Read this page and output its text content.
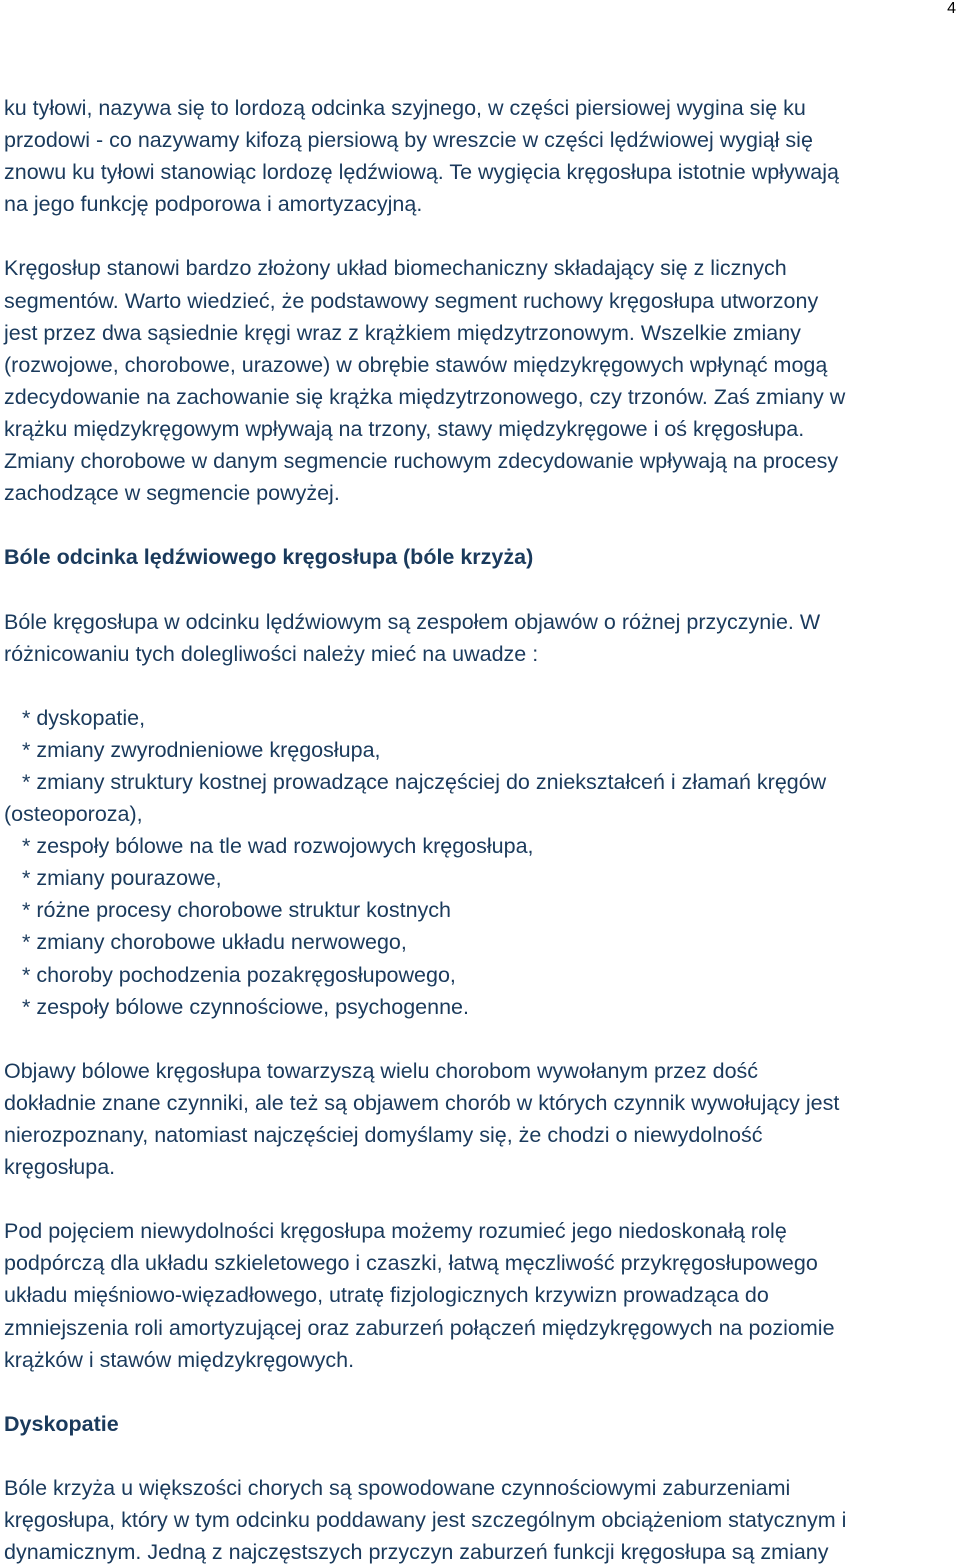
4
ku tyłowi, nazywa się to lordozą odcinka szyjnego, w części piersiowej wygina się ku
przodowi - co nazywamy kifozą piersiową by wreszcie w części lędźwiowej wygiął się
znowu ku tyłowi stanowiąc lordozę lędźwiową. Te wygięcia kręgosłupa istotnie wpływają
na jego funkcję podporowa i amortyzacyjną.
Kręgosłup stanowi bardzo złożony układ biomechaniczny składający się z licznych
segmentów. Warto wiedzieć, że podstawowy segment ruchowy kręgosłupa utworzony
jest przez dwa sąsiednie kręgi wraz z krążkiem międzytrzonowym. Wszelkie zmiany
(rozwojowe, chorobowe, urazowe) w obrębie stawów międzykręgowych wpłynąć mogą
zdecydowanie na zachowanie się krążka międzytrzonowego, czy trzonów. Zaś zmiany w
krążku międzykręgowym wpływają na trzony, stawy międzykręgowe i oś kręgosłupa.
Zmiany chorobowe w danym segmencie ruchowym zdecydowanie wpływają na procesy
zachodzące w segmencie powyżej.
Bóle odcinka lędźwiowego kręgosłupa (bóle krzyża)
Bóle kręgosłupa w odcinku lędźwiowym są zespołem objawów o różnej przyczynie. W
różnicowaniu tych dolegliwości należy mieć na uwadze :
* dyskopatie,
* zmiany zwyrodnieniowe kręgosłupa,
* zmiany struktury kostnej prowadzące najczęściej do zniekształceń i złamań kręgów
(osteoporoza),
* zespoły bólowe na tle wad rozwojowych kręgosłupa,
* zmiany pourazowe,
* różne procesy chorobowe struktur kostnych
* zmiany chorobowe układu nerwowego,
* choroby pochodzenia pozakręgosłupowego,
* zespoły bólowe czynnościowe, psychogenne.
Objawy bólowe kręgosłupa towarzyszą wielu chorobom wywołanym przez dość
dokładnie znane czynniki, ale też są objawem chorób w których czynnik wywołujący jest
nierozpoznany, natomiast najczęściej domyślamy się, że chodzi o niewydolność
kręgosłupa.
Pod pojęciem niewydolności kręgosłupa możemy rozumieć jego niedoskonałą rolę
podpórczą dla układu szkieletowego i czaszki, łatwą męczliwość przykręgosłupowego
układu mięśniowo-więzadłowego, utratę fizjologicznych krzywizn prowadząca do
zmniejszenia roli amortyzującej oraz zaburzeń połączeń międzykręgowych na poziomie
krążków i stawów międzykręgowych.
Dyskopatie
Bóle krzyża u większości chorych są spowodowane czynnościowymi zaburzeniami
kręgosłupa, który w tym odcinku poddawany jest szczególnym obciążeniom statycznym i
dynamicznym. Jedną z najczęstszych przyczyn zaburzeń funkcji kręgosłupa są zmiany
